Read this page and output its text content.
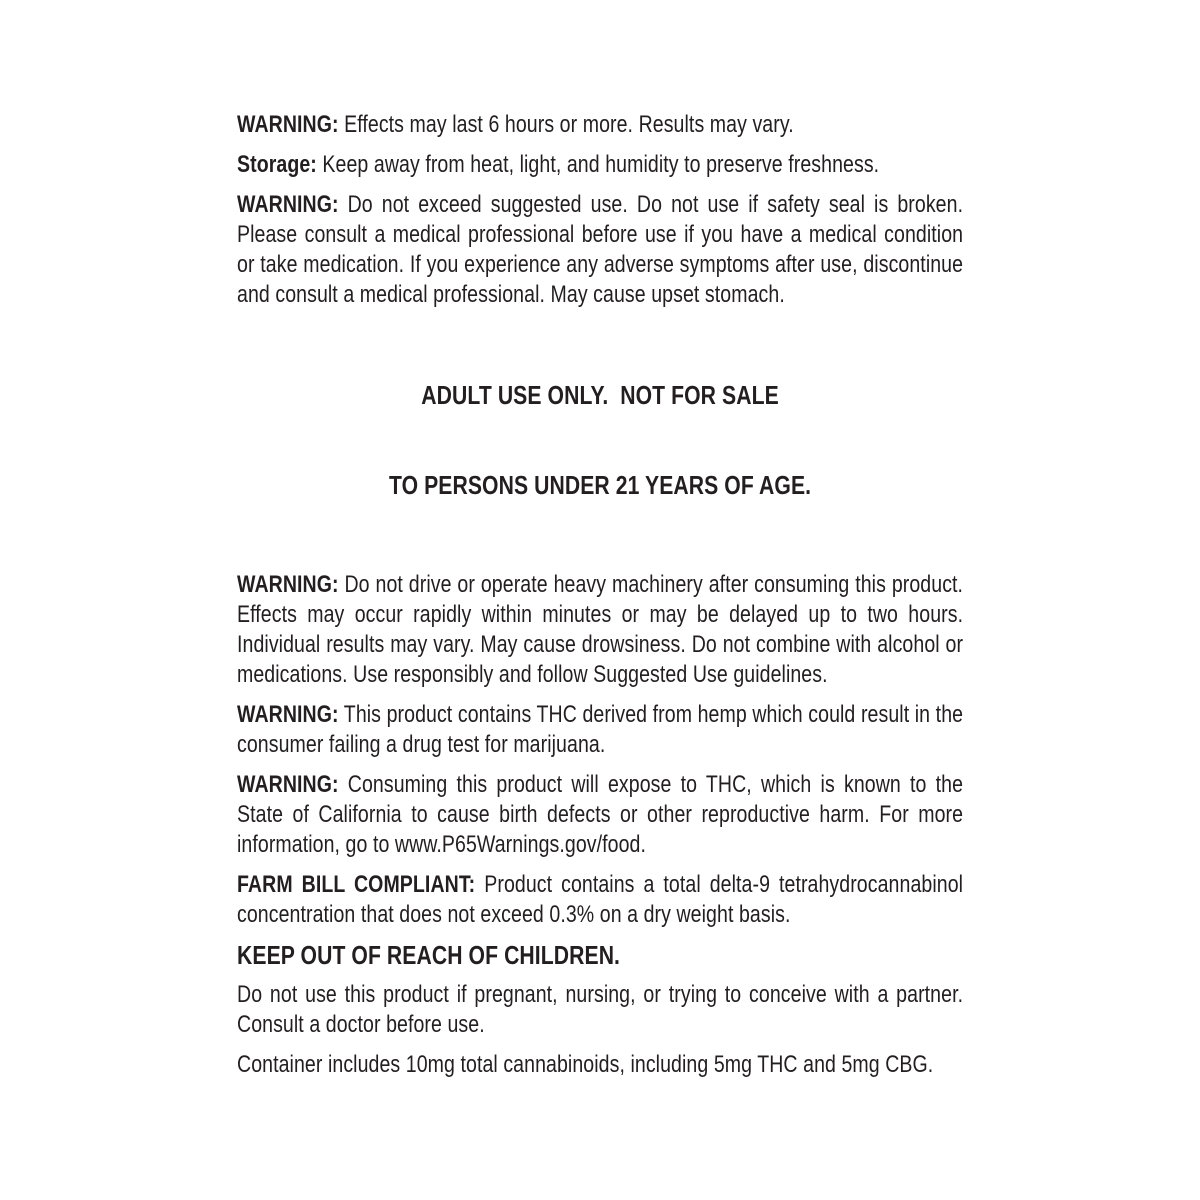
WARNING: Effects may last 6 hours or more. Results may vary.

Storage: Keep away from heat, light, and humidity to preserve freshness.

WARNING: Do not exceed suggested use. Do not use if safety seal is broken. Please consult a medical professional before use if you have a medical condition or take medication. If you experience any adverse symptoms after use, discontinue and consult a medical professional. May cause upset stomach.

ADULT USE ONLY.  NOT FOR SALE

TO PERSONS UNDER 21 YEARS OF AGE.

WARNING: Do not drive or operate heavy machinery after consuming this product. Effects may occur rapidly within minutes or may be delayed up to two hours. Individual results may vary. May cause drowsiness. Do not combine with alcohol or medications. Use responsibly and follow Suggested Use guidelines.

WARNING: This product contains THC derived from hemp which could result in the consumer failing a drug test for marijuana.

WARNING: Consuming this product will expose to THC, which is known to the State of California to cause birth defects or other reproductive harm. For more information, go to www.P65Warnings.gov/food.

FARM BILL COMPLIANT: Product contains a total delta-9 tetrahydrocannabinol concentration that does not exceed 0.3% on a dry weight basis.

KEEP OUT OF REACH OF CHILDREN.

Do not use this product if pregnant, nursing, or trying to conceive with a partner. Consult a doctor before use.

Container includes 10mg total cannabinoids, including 5mg THC and 5mg CBG.
